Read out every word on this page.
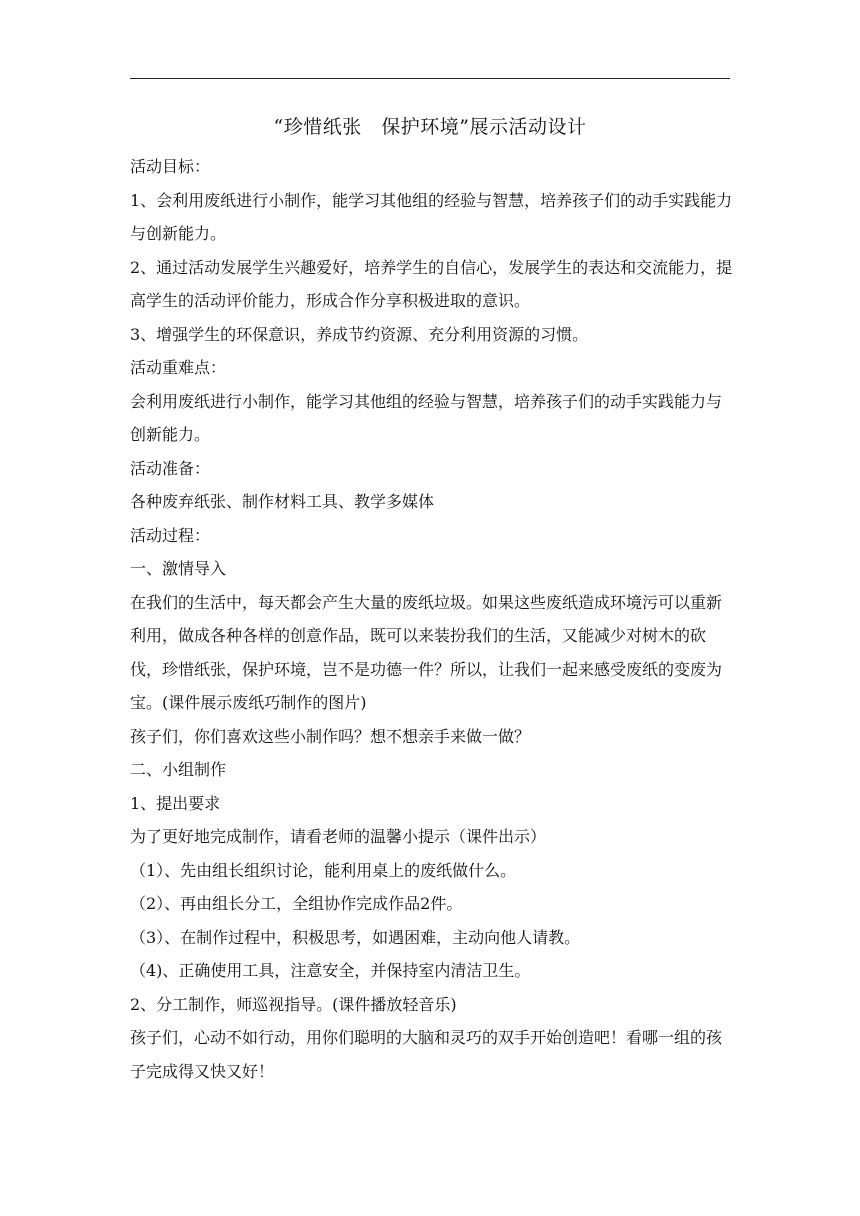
“珍惜纸张　保护环境”展示活动设计

活动目标：

1、会利用废纸进行小制作，能学习其他组的经验与智慧，培养孩子们的动手实践能力与创新能力。

2、通过活动发展学生兴趣爱好，培养学生的自信心，发展学生的表达和交流能力，提高学生的活动评价能力，形成合作分享积极进取的意识。

3、增强学生的环保意识，养成节约资源、充分利用资源的习惯。

活动重难点：

会利用废纸进行小制作，能学习其他组的经验与智慧，培养孩子们的动手实践能力与创新能力。

活动准备：

各种废弃纸张、制作材料工具、教学多媒体

活动过程：

一、激情导入

在我们的生活中，每天都会产生大量的废纸垃圾。如果这些废纸造成环境污可以重新利用，做成各种各样的创意作品，既可以来装扮我们的生活，又能减少对树木的砍伐，珍惜纸张，保护环境，岂不是功德一件？所以，让我们一起来感受废纸的变废为宝。(课件展示废纸巧制作的图片)

孩子们，你们喜欢这些小制作吗？想不想亲手来做一做？

二、小组制作

1、提出要求

为了更好地完成制作，请看老师的温馨小提示（课件出示）

（1）、先由组长组织讨论，能利用桌上的废纸做什么。

（2）、再由组长分工，全组协作完成作品2件。

（3）、在制作过程中，积极思考，如遇困难，主动向他人请教。

（4)、正确使用工具，注意安全，并保持室内清洁卫生。

2、分工制作，师巡视指导。(课件播放轻音乐)

孩子们，心动不如行动，用你们聪明的大脑和灵巧的双手开始创造吧！看哪一组的孩子完成得又快又好！
